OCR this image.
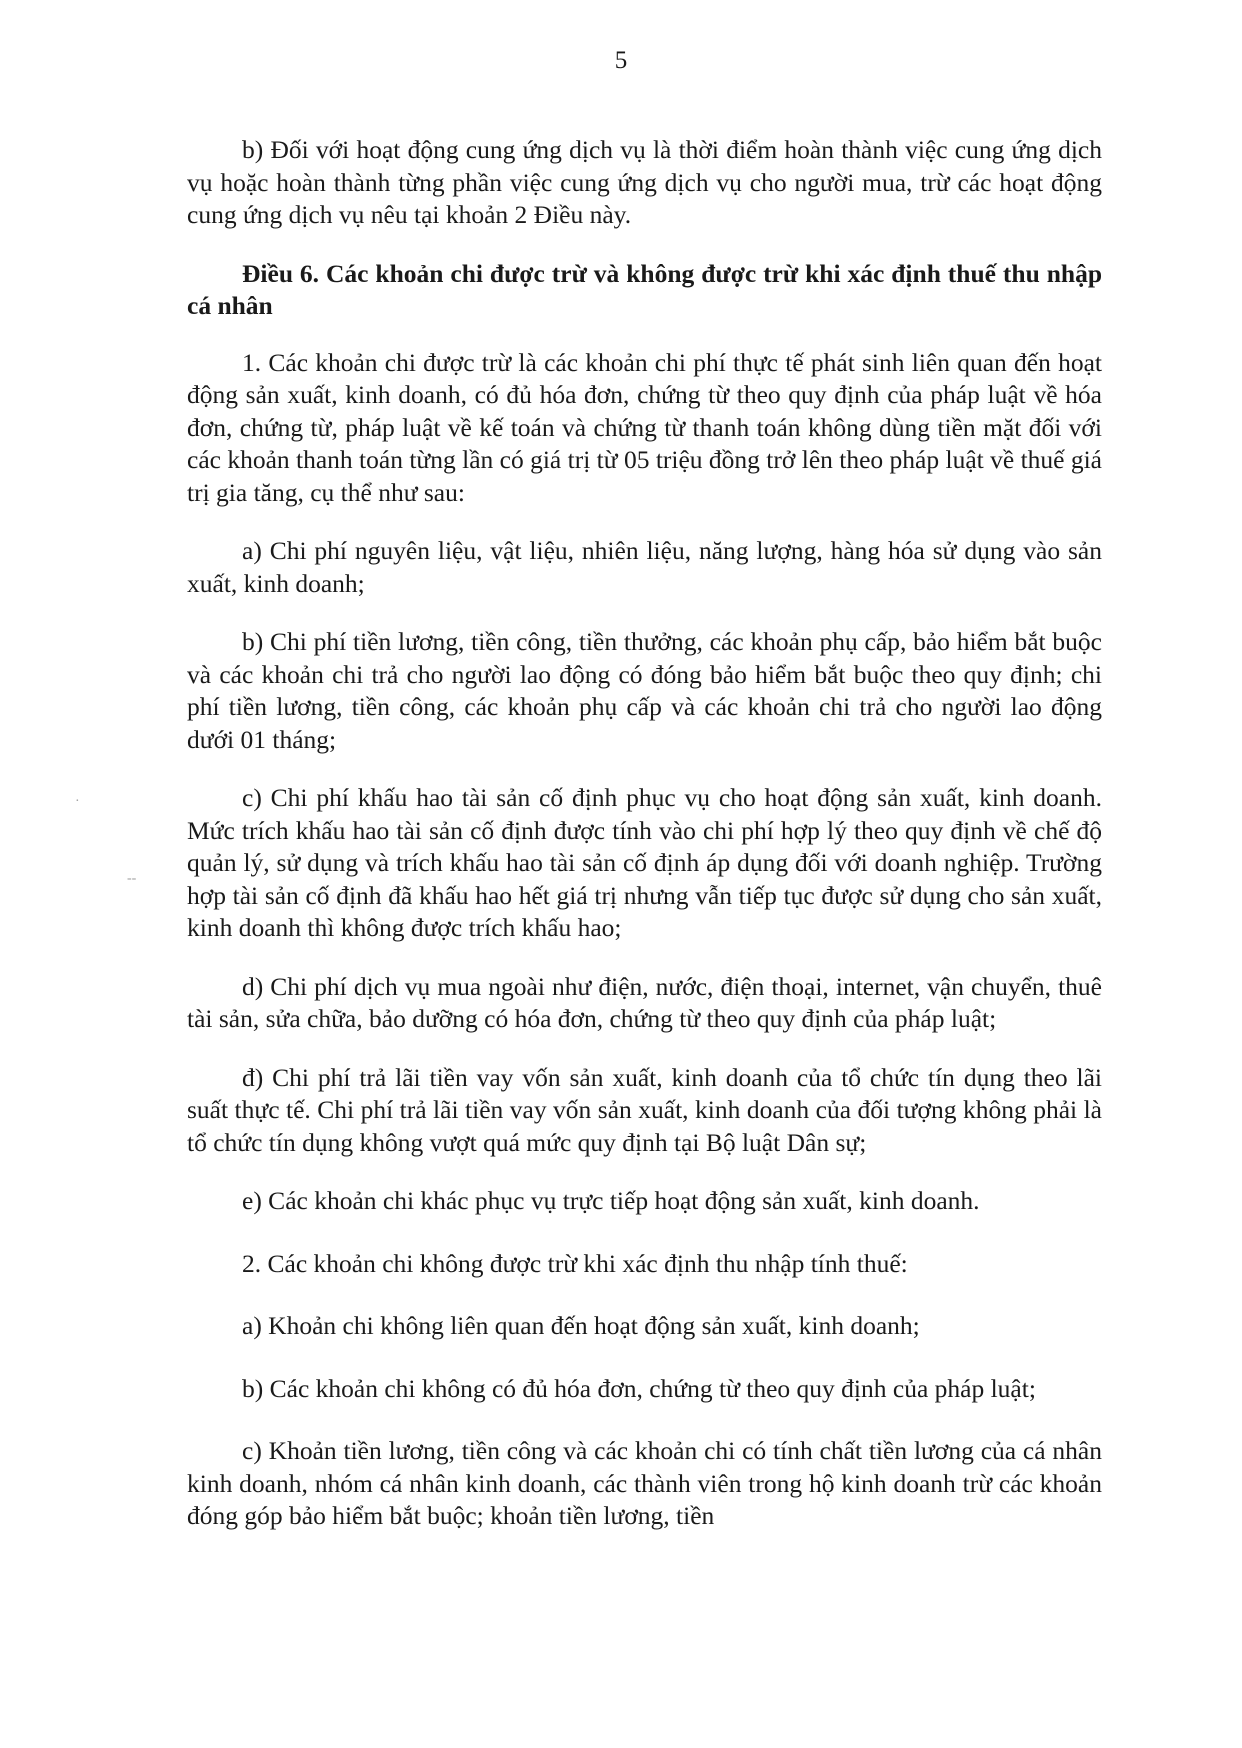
5
·
--

b) Đối với hoạt động cung ứng dịch vụ là thời điểm hoàn thành việc cung ứng dịch vụ hoặc hoàn thành từng phần việc cung ứng dịch vụ cho người mua, trừ các hoạt động cung ứng dịch vụ nêu tại khoản 2 Điều này.

Điều 6. Các khoản chi được trừ và không được trừ khi xác định thuế thu nhập cá nhân

1. Các khoản chi được trừ là các khoản chi phí thực tế phát sinh liên quan đến hoạt động sản xuất, kinh doanh, có đủ hóa đơn, chứng từ theo quy định của pháp luật về hóa đơn, chứng từ, pháp luật về kế toán và chứng từ thanh toán không dùng tiền mặt đối với các khoản thanh toán từng lần có giá trị từ 05 triệu đồng trở lên theo pháp luật về thuế giá trị gia tăng, cụ thể như sau:

a) Chi phí nguyên liệu, vật liệu, nhiên liệu, năng lượng, hàng hóa sử dụng vào sản xuất, kinh doanh;

b) Chi phí tiền lương, tiền công, tiền thưởng, các khoản phụ cấp, bảo hiểm bắt buộc và các khoản chi trả cho người lao động có đóng bảo hiểm bắt buộc theo quy định; chi phí tiền lương, tiền công, các khoản phụ cấp và các khoản chi trả cho người lao động dưới 01 tháng;

c) Chi phí khấu hao tài sản cố định phục vụ cho hoạt động sản xuất, kinh doanh. Mức trích khấu hao tài sản cố định được tính vào chi phí hợp lý theo quy định về chế độ quản lý, sử dụng và trích khấu hao tài sản cố định áp dụng đối với doanh nghiệp. Trường hợp tài sản cố định đã khấu hao hết giá trị nhưng vẫn tiếp tục được sử dụng cho sản xuất, kinh doanh thì không được trích khấu hao;

d) Chi phí dịch vụ mua ngoài như điện, nước, điện thoại, internet, vận chuyển, thuê tài sản, sửa chữa, bảo dưỡng có hóa đơn, chứng từ theo quy định của pháp luật;

đ) Chi phí trả lãi tiền vay vốn sản xuất, kinh doanh của tổ chức tín dụng theo lãi suất thực tế. Chi phí trả lãi tiền vay vốn sản xuất, kinh doanh của đối tượng không phải là tổ chức tín dụng không vượt quá mức quy định tại Bộ luật Dân sự;

e) Các khoản chi khác phục vụ trực tiếp hoạt động sản xuất, kinh doanh.

2. Các khoản chi không được trừ khi xác định thu nhập tính thuế:

a) Khoản chi không liên quan đến hoạt động sản xuất, kinh doanh;

b) Các khoản chi không có đủ hóa đơn, chứng từ theo quy định của pháp luật;

c) Khoản tiền lương, tiền công và các khoản chi có tính chất tiền lương của cá nhân kinh doanh, nhóm cá nhân kinh doanh, các thành viên trong hộ kinh doanh trừ các khoản đóng góp bảo hiểm bắt buộc; khoản tiền lương, tiền
